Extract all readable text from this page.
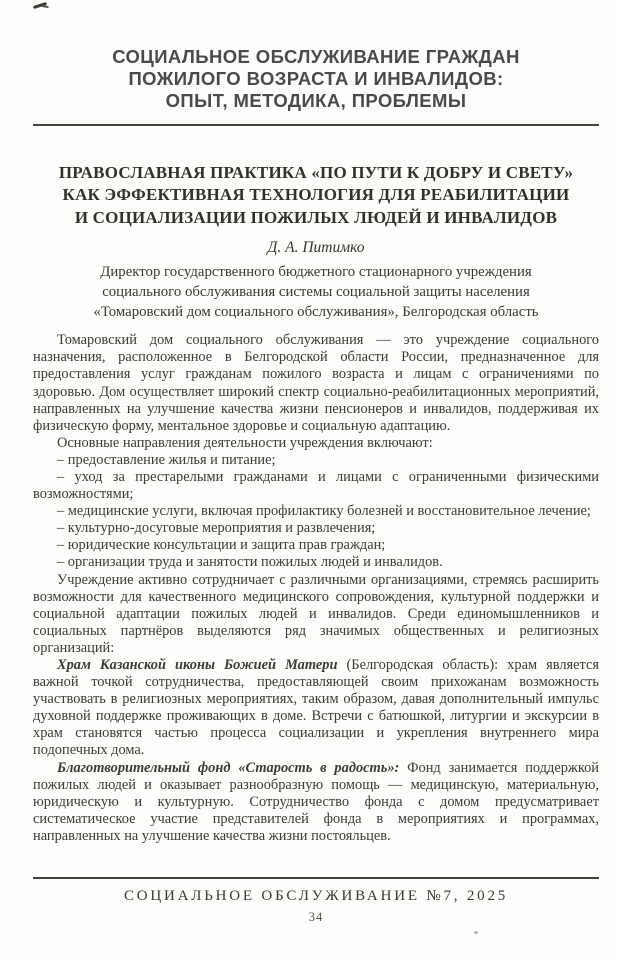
СОЦИАЛЬНОЕ ОБСЛУЖИВАНИЕ ГРАЖДАН
ПОЖИЛОГО ВОЗРАСТА И ИНВАЛИДОВ:
ОПЫТ, МЕТОДИКА, ПРОБЛЕМЫ
ПРАВОСЛАВНАЯ ПРАКТИКА «ПО ПУТИ К ДОБРУ И СВЕТУ»
КАК ЭФФЕКТИВНАЯ ТЕХНОЛОГИЯ ДЛЯ РЕАБИЛИТАЦИИ
И СОЦИАЛИЗАЦИИ ПОЖИЛЫХ ЛЮДЕЙ И ИНВАЛИДОВ
Д. А. Питимко
Директор государственного бюджетного стационарного учреждения
социального обслуживания системы социальной защиты населения
«Томаровский дом социального обслуживания», Белгородская область

Томаровский дом социального обслуживания — это учреждение социального назначения, расположенное в Белгородской области России, предназначенное для предоставления услуг гражданам пожилого возраста и лицам с ограничениями по здоровью. Дом осуществляет широкий спектр социально-реабилитационных мероприятий, направленных на улучшение качества жизни пенсионеров и инвалидов, поддерживая их физическую форму, ментальное здоровье и социальную адаптацию.

Основные направления деятельности учреждения включают:

– предоставление жилья и питание;

– уход за престарелыми гражданами и лицами с ограниченными физическими возможностями;

– медицинские услуги, включая профилактику болезней и восстановительное лечение;

– культурно-досуговые мероприятия и развлечения;

– юридические консультации и защита прав граждан;

– организации труда и занятости пожилых людей и инвалидов.

Учреждение активно сотрудничает с различными организациями, стремясь расширить возможности для качественного медицинского сопровождения, культурной поддержки и социальной адаптации пожилых людей и инвалидов. Среди единомышленников и социальных партнёров выделяются ряд значимых общественных и религиозных организаций:

Храм Казанской иконы Божией Матери (Белгородская область): храм является важной точкой сотрудничества, предоставляющей своим прихожанам возможность участвовать в религиозных мероприятиях, таким образом, давая дополнительный импульс духовной поддержке проживающих в доме. Встречи с батюшкой, литургии и экскурсии в храм становятся частью процесса социализации и укрепления внутреннего мира подопечных дома.

Благотворительный фонд «Старость в радость»: Фонд занимается поддержкой пожилых людей и оказывает разнообразную помощь — медицинскую, материальную, юридическую и культурную. Сотрудничество фонда с домом предусматривает систематическое участие представителей фонда в мероприятиях и программах, направленных на улучшение качества жизни постояльцев.

СОЦИАЛЬНОЕ ОБСЛУЖИВАНИЕ №7, 2025
34
